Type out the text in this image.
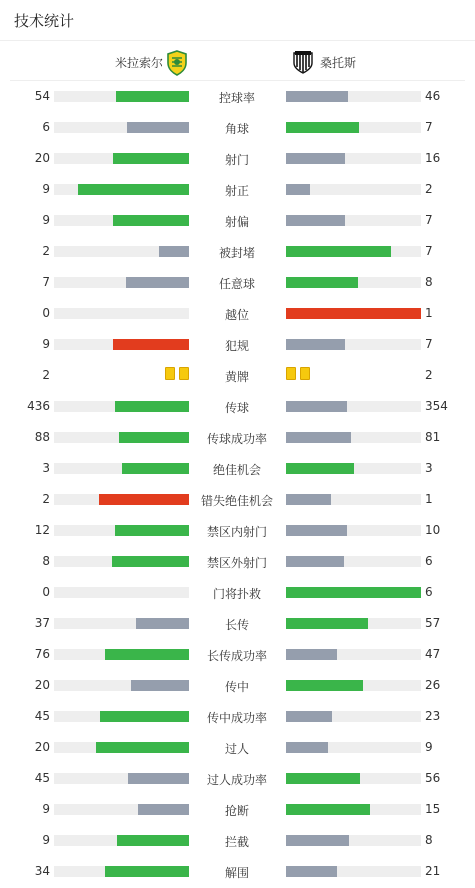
技术统计
米拉索尔	桑托斯
54	控球率	46
6	角球	7
20	射门	16
9	射正	2
9	射偏	7
2	被封堵	7
7	任意球	8
0	越位	1
9	犯规	7
2	黄牌	2
436	传球	354
88	传球成功率	81
3	绝佳机会	3
2	错失绝佳机会	1
12	禁区内射门	10
8	禁区外射门	6
0	门将扑救	6
37	长传	57
76	长传成功率	47
20	传中	26
45	传中成功率	23
20	过人	9
45	过人成功率	56
9	抢断	15
9	拦截	8
34	解围	21
